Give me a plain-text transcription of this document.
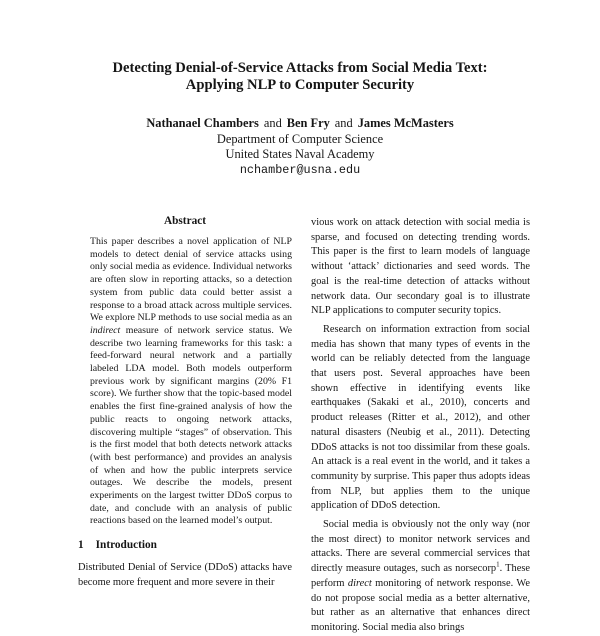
Detecting Denial-of-Service Attacks from Social Media Text:
Applying NLP to Computer Security
Nathanael Chambers and Ben Fry and James McMasters
Department of Computer Science
United States Naval Academy
nchamber@usna.edu
Abstract

This paper describes a novel application of NLP models to detect denial of service attacks using only social media as evidence. Individual networks are often slow in reporting attacks, so a detection system from public data could better assist a response to a broad attack across multiple services. We explore NLP methods to use social media as an indirect measure of network service status. We describe two learning frameworks for this task: a feed-forward neural network and a partially labeled LDA model. Both models outperform previous work by significant margins (20% F1 score). We further show that the topic-based model enables the first fine-grained analysis of how the public reacts to ongoing network attacks, discovering multiple “stages” of observation. This is the first model that both detects network attacks (with best performance) and provides an analysis of when and how the public interprets service outages. We describe the models, present experiments on the largest twitter DDoS corpus to date, and conclude with an analysis of public reactions based on the learned model’s output.

1 Introduction

Distributed Denial of Service (DDoS) attacks have become more frequent and more severe in their

vious work on attack detection with social media is sparse, and focused on detecting trending words. This paper is the first to learn models of language without ‘attack’ dictionaries and seed words. The goal is the real-time detection of attacks without network data. Our secondary goal is to illustrate NLP applications to computer security topics.

Research on information extraction from social media has shown that many types of events in the world can be reliably detected from the language that users post. Several approaches have been shown effective in identifying events like earthquakes (Sakaki et al., 2010), concerts and product releases (Ritter et al., 2012), and other natural disasters (Neubig et al., 2011). Detecting DDoS attacks is not too dissimilar from these goals. An attack is a real event in the world, and it takes a community by surprise. This paper thus adopts ideas from NLP, but applies them to the unique application of DDoS detection.

Social media is obviously not the only way (nor the most direct) to monitor network services and attacks. There are several commercial services that directly measure outages, such as norsecorp$^1$. These perform direct monitoring of network response. We do not propose social media as a better alternative, but rather as an alternative that enhances direct monitoring. Social media also brings
